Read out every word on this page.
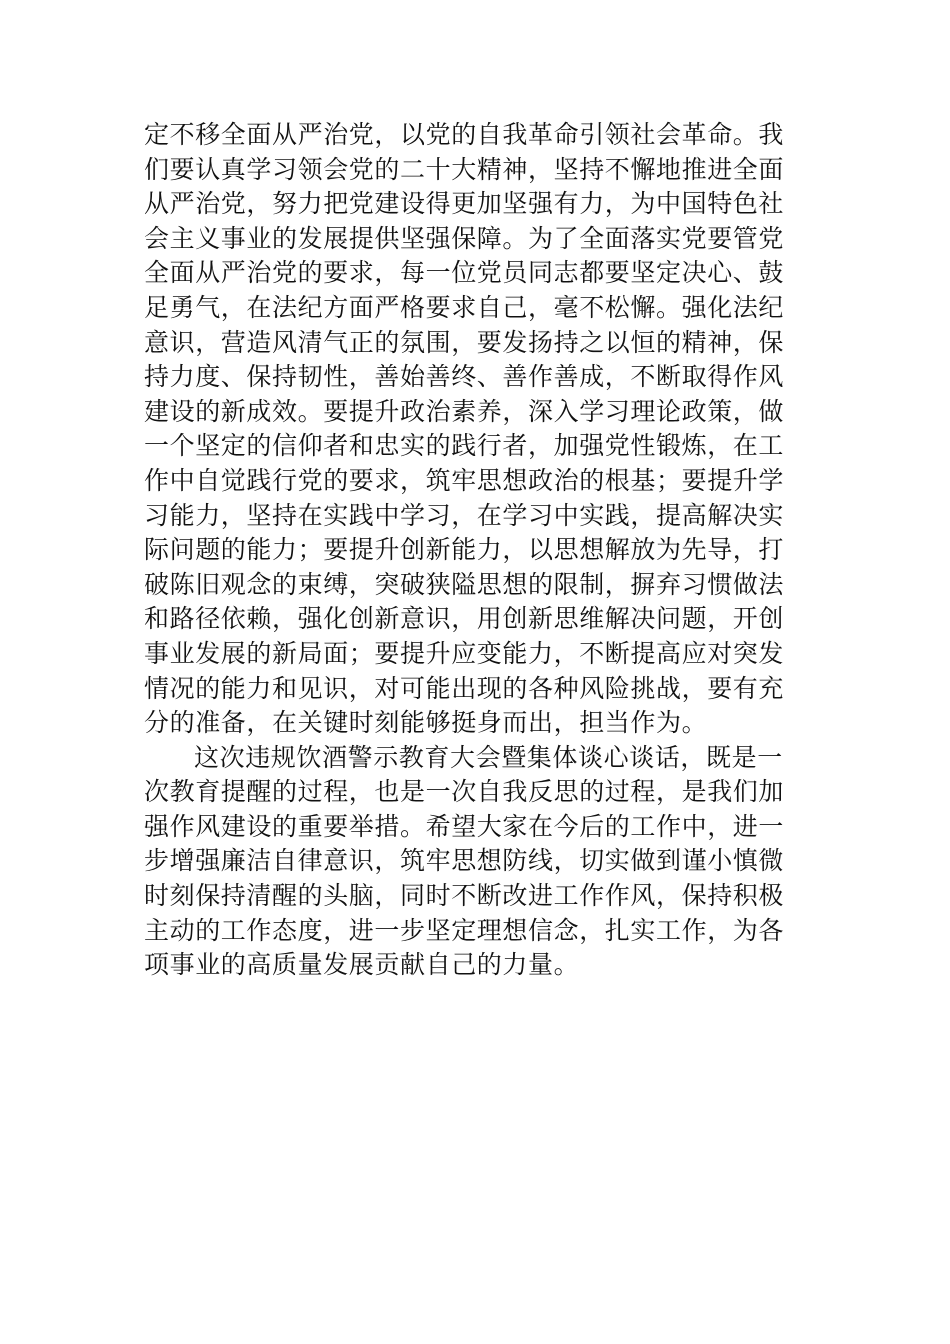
定不移全面从严治党，以党的自我革命引领社会革命。我
们要认真学习领会党的二十大精神，坚持不懈地推进全面
从严治党，努力把党建设得更加坚强有力，为中国特色社
会主义事业的发展提供坚强保障。为了全面落实党要管党
全面从严治党的要求，每一位党员同志都要坚定决心、鼓
足勇气，在法纪方面严格要求自己，毫不松懈。强化法纪
意识，营造风清气正的氛围，要发扬持之以恒的精神，保
持力度、保持韧性，善始善终、善作善成，不断取得作风
建设的新成效。要提升政治素养，深入学习理论政策，做
一个坚定的信仰者和忠实的践行者，加强党性锻炼，在工
作中自觉践行党的要求，筑牢思想政治的根基；要提升学
习能力，坚持在实践中学习，在学习中实践，提高解决实
际问题的能力；要提升创新能力，以思想解放为先导，打
破陈旧观念的束缚，突破狭隘思想的限制，摒弃习惯做法
和路径依赖，强化创新意识，用创新思维解决问题，开创
事业发展的新局面；要提升应变能力，不断提高应对突发
情况的能力和见识，对可能出现的各种风险挑战，要有充
分的准备，在关键时刻能够挺身而出，担当作为。

这次违规饮酒警示教育大会暨集体谈心谈话，既是一
次教育提醒的过程，也是一次自我反思的过程，是我们加
强作风建设的重要举措。希望大家在今后的工作中，进一
步增强廉洁自律意识，筑牢思想防线，切实做到谨小慎微
时刻保持清醒的头脑，同时不断改进工作作风，保持积极
主动的工作态度，进一步坚定理想信念，扎实工作，为各
项事业的高质量发展贡献自己的力量。
